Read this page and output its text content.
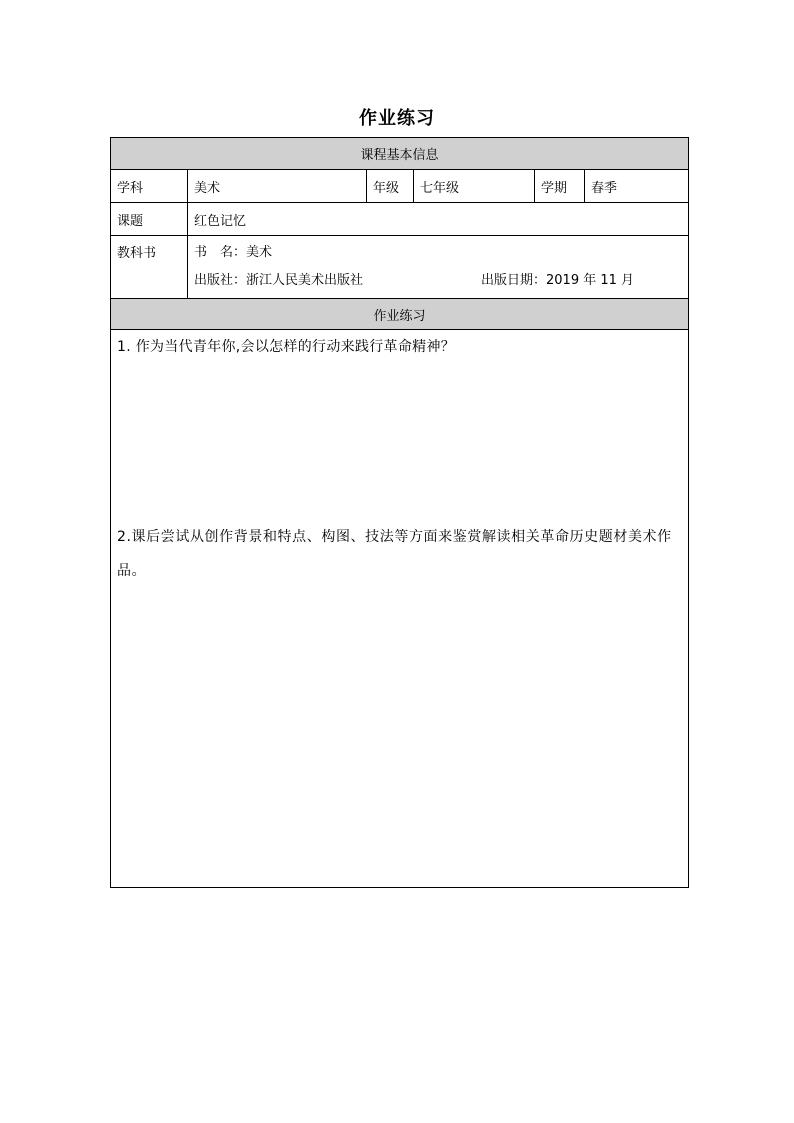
作业练习
课程基本信息					
学科	美术	年级	七年级	学期	春季
课题	红色记忆				
教科书	书　名：美术
出版社：浙江人民美术出版社 出版日期：2019 年 11 月				

作业练习					

1. 作为当代青年你,会以怎样的行动来践行革命精神？
2.课后尝试从创作背景和特点、构图、技法等方面来鉴赏解读相关革命历史题材美术作品。					
